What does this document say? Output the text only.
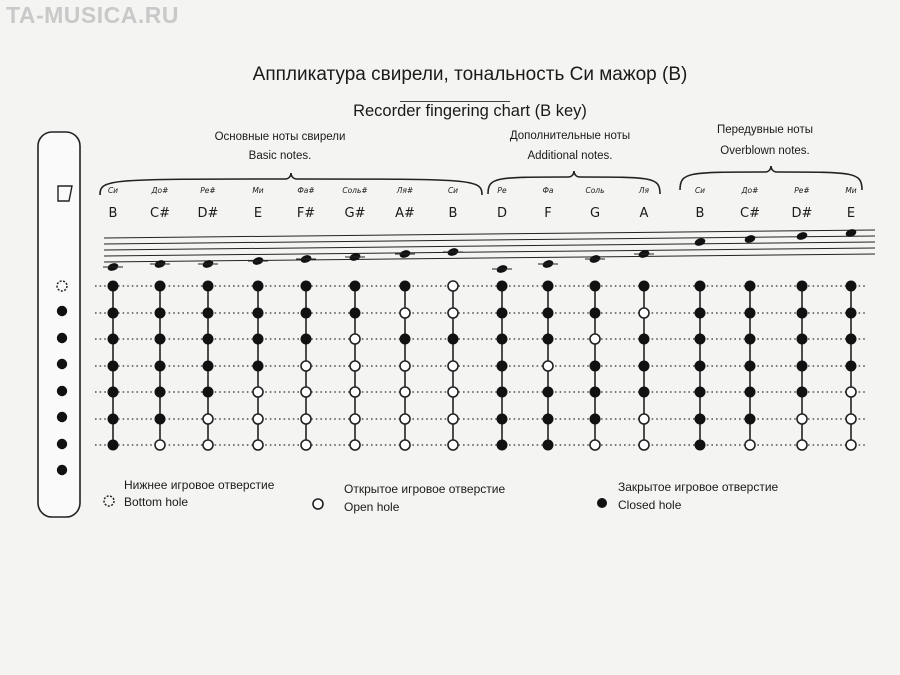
TA-MUSICA.RU
Аппликатура свирели, тональность Си мажор (B)
Recorder fingering chart (B key)
Основные ноты свирели
Basic notes.
Дополнительные ноты
Additional notes.
Передувные ноты
Overblown notes.
Си
B
До#
C#
Ре#
D#
Ми
E
Фа#
F#
Соль#
G#
Ля#
A#
Си
B
Ре
D
Фа
F
Соль
G
Ля
A
Си
B
До#
C#
Ре#
D#
Ми
E
Нижнее игровое отверстие
Bottom hole
Открытое игровое отверстие
Open hole
Закрытое игровое отверстие
Closed hole
